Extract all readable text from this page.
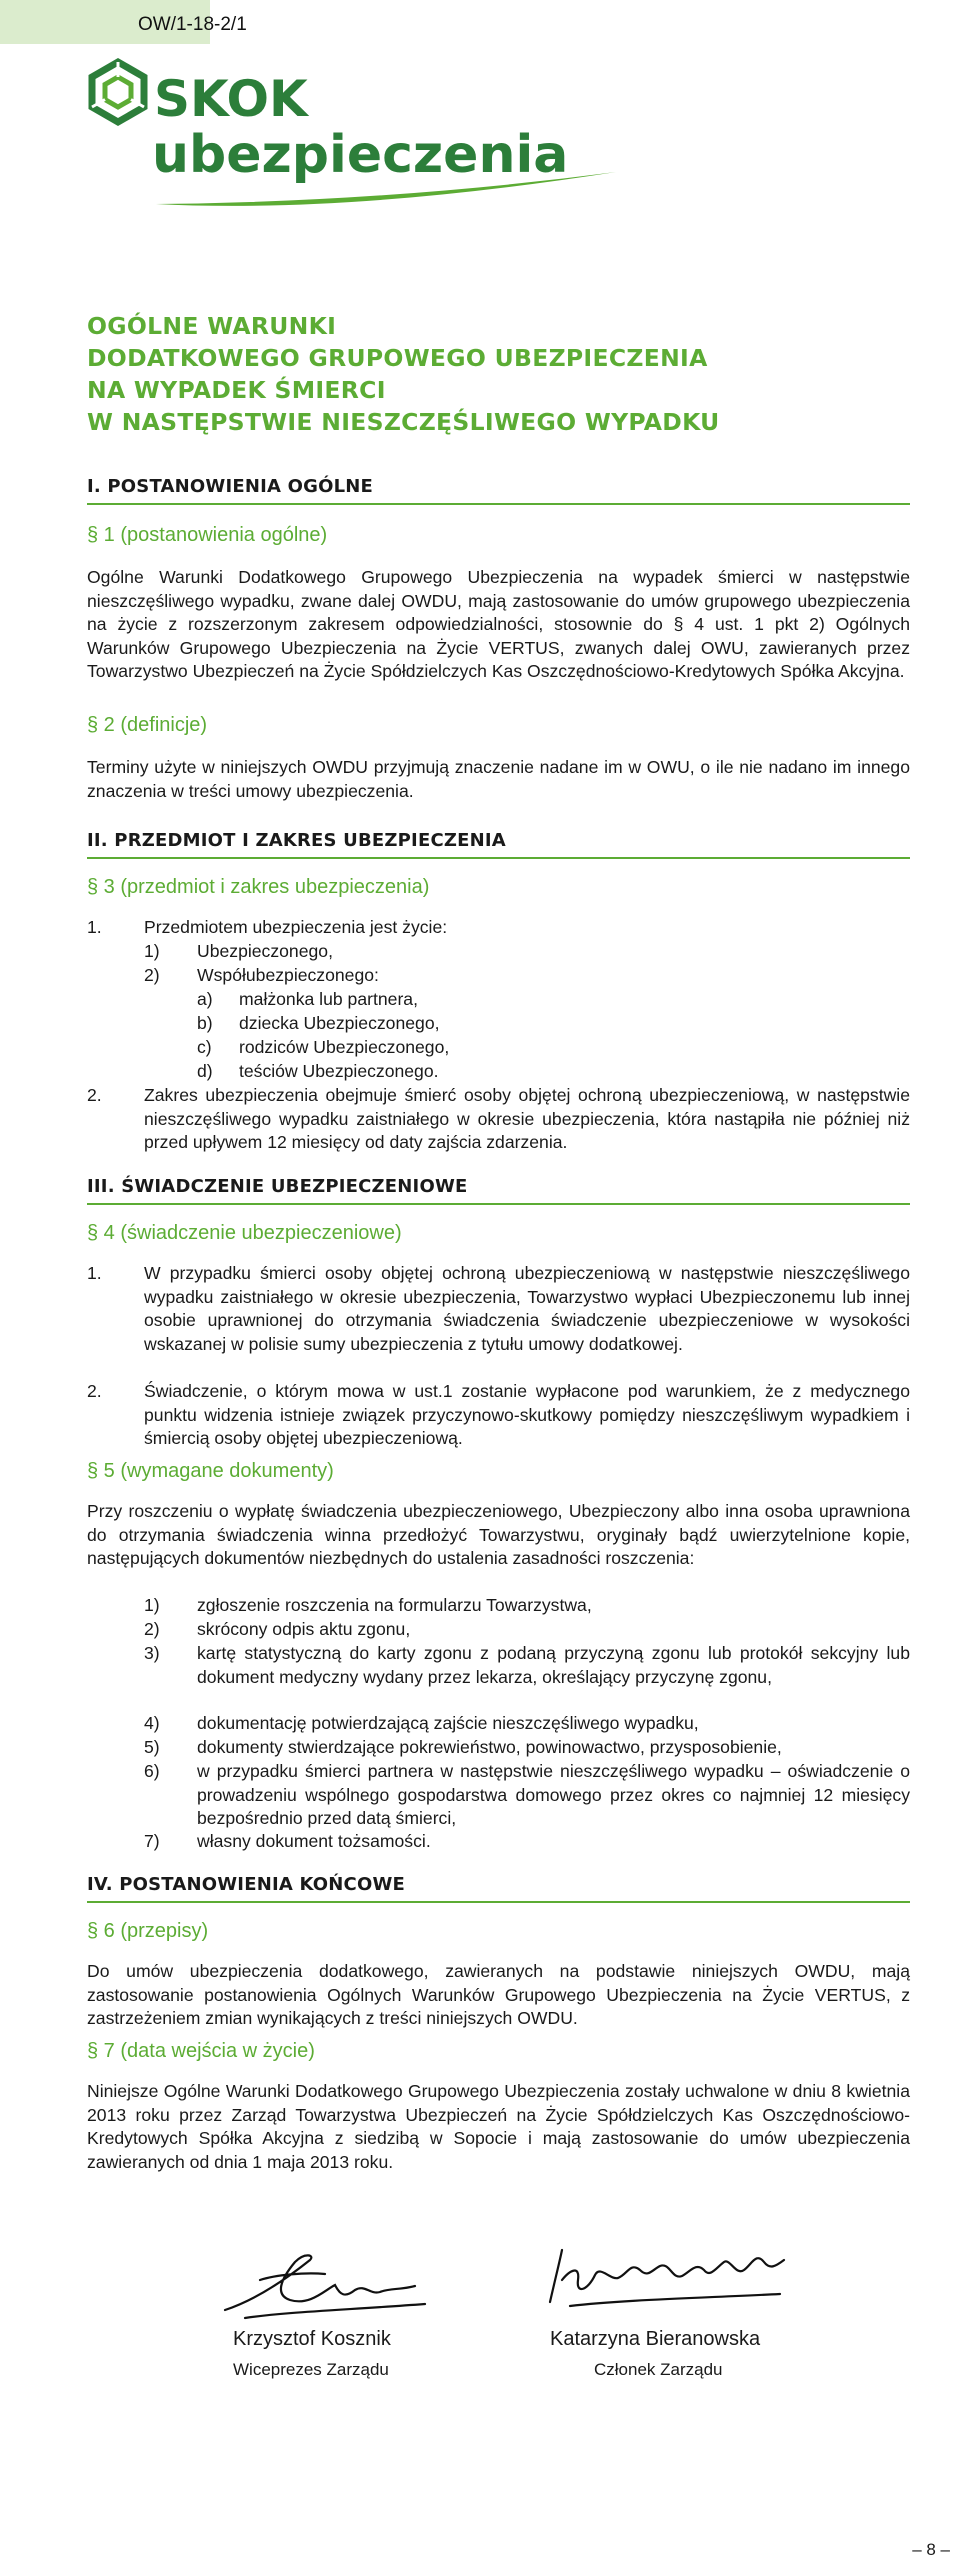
OW/1-18-2/1
SKOK
ubezpieczenia
OGÓLNE WARUNKI
DODATKOWEGO GRUPOWEGO UBEZPIECZENIA
NA WYPADEK ŚMIERCI
W NASTĘPSTWIE NIESZCZĘŚLIWEGO WYPADKU
I. POSTANOWIENIA OGÓLNE
§ 1 (postanowienia ogólne)
Ogólne Warunki Dodatkowego Grupowego Ubezpieczenia na wypadek śmierci w następstwie nieszczęśliwego wypadku, zwane dalej OWDU, mają zastosowanie do umów grupowego ubezpieczenia na życie z rozszerzonym zakresem odpowiedzialności, stosownie do § 4 ust. 1 pkt 2) Ogólnych Warunków Grupowego Ubezpieczenia na Życie VERTUS, zwanych dalej OWU, zawieranych przez Towarzystwo Ubezpieczeń na Życie Spółdzielczych Kas Oszczędnościowo-Kredytowych Spółka Akcyjna.
§ 2 (definicje)
Terminy użyte w niniejszych OWDU przyjmują znaczenie nadane im w OWU, o ile nie nadano im innego znaczenia w treści umowy ubezpieczenia.
II. PRZEDMIOT I ZAKRES UBEZPIECZENIA
§ 3 (przedmiot i zakres ubezpieczenia)
1. Przedmiotem ubezpieczenia jest życie:
1) Ubezpieczonego,
2) Współubezpieczonego:
a) małżonka lub partnera,
b) dziecka Ubezpieczonego,
c) rodziców Ubezpieczonego,
d) teściów Ubezpieczonego.
2. Zakres ubezpieczenia obejmuje śmierć osoby objętej ochroną ubezpieczeniową, w następstwie nieszczęśliwego wypadku zaistniałego w okresie ubezpieczenia, która nastąpiła nie później niż przed upływem 12 miesięcy od daty zajścia zdarzenia.
III. ŚWIADCZENIE UBEZPIECZENIOWE
§ 4 (świadczenie ubezpieczeniowe)
1. W przypadku śmierci osoby objętej ochroną ubezpieczeniową w następstwie nieszczęśliwego wypadku zaistniałego w okresie ubezpieczenia, Towarzystwo wypłaci Ubezpieczonemu lub innej osobie uprawnionej do otrzymania świadczenia świadczenie ubezpieczeniowe w wysokości wskazanej w polisie sumy ubezpieczenia z tytułu umowy dodatkowej.
2. Świadczenie, o którym mowa w ust.1 zostanie wypłacone pod warunkiem, że z medycznego punktu widzenia istnieje związek przyczynowo-skutkowy pomiędzy nieszczęśliwym wypadkiem i śmiercią osoby objętej ubezpieczeniową.
§ 5 (wymagane dokumenty)
Przy roszczeniu o wypłatę świadczenia ubezpieczeniowego, Ubezpieczony albo inna osoba uprawniona do otrzymania świadczenia winna przedłożyć Towarzystwu, oryginały bądź uwierzytelnione kopie, następujących dokumentów niezbędnych do ustalenia zasadności roszczenia:
1) zgłoszenie roszczenia na formularzu Towarzystwa,
2) skrócony odpis aktu zgonu,
3) kartę statystyczną do karty zgonu z podaną przyczyną zgonu lub protokół sekcyjny lub dokument medyczny wydany przez lekarza, określający przyczynę zgonu,
4) dokumentację potwierdzającą zajście nieszczęśliwego wypadku,
5) dokumenty stwierdzające pokrewieństwo, powinowactwo, przysposobienie,
6) w przypadku śmierci partnera w następstwie nieszczęśliwego wypadku – oświadczenie o prowadzeniu wspólnego gospodarstwa domowego przez okres co najmniej 12 miesięcy bezpośrednio przed datą śmierci,
7) własny dokument tożsamości.
IV. POSTANOWIENIA KOŃCOWE
§ 6 (przepisy)
Do umów ubezpieczenia dodatkowego, zawieranych na podstawie niniejszych OWDU, mają zastosowanie postanowienia Ogólnych Warunków Grupowego Ubezpieczenia na Życie VERTUS, z zastrzeżeniem zmian wynikających z treści niniejszych OWDU.
§ 7 (data wejścia w życie)
Niniejsze Ogólne Warunki Dodatkowego Grupowego Ubezpieczenia zostały uchwalone w dniu 8 kwietnia 2013 roku przez Zarząd Towarzystwa Ubezpieczeń na Życie Spółdzielczych Kas Oszczędnościowo-Kredytowych Spółka Akcyjna z siedzibą w Sopocie i mają zastosowanie do umów ubezpieczenia zawieranych od dnia 1 maja 2013 roku.
Krzysztof Kosznik
Wiceprezes Zarządu
Katarzyna Bieranowska
Członek Zarządu
– 8 –
